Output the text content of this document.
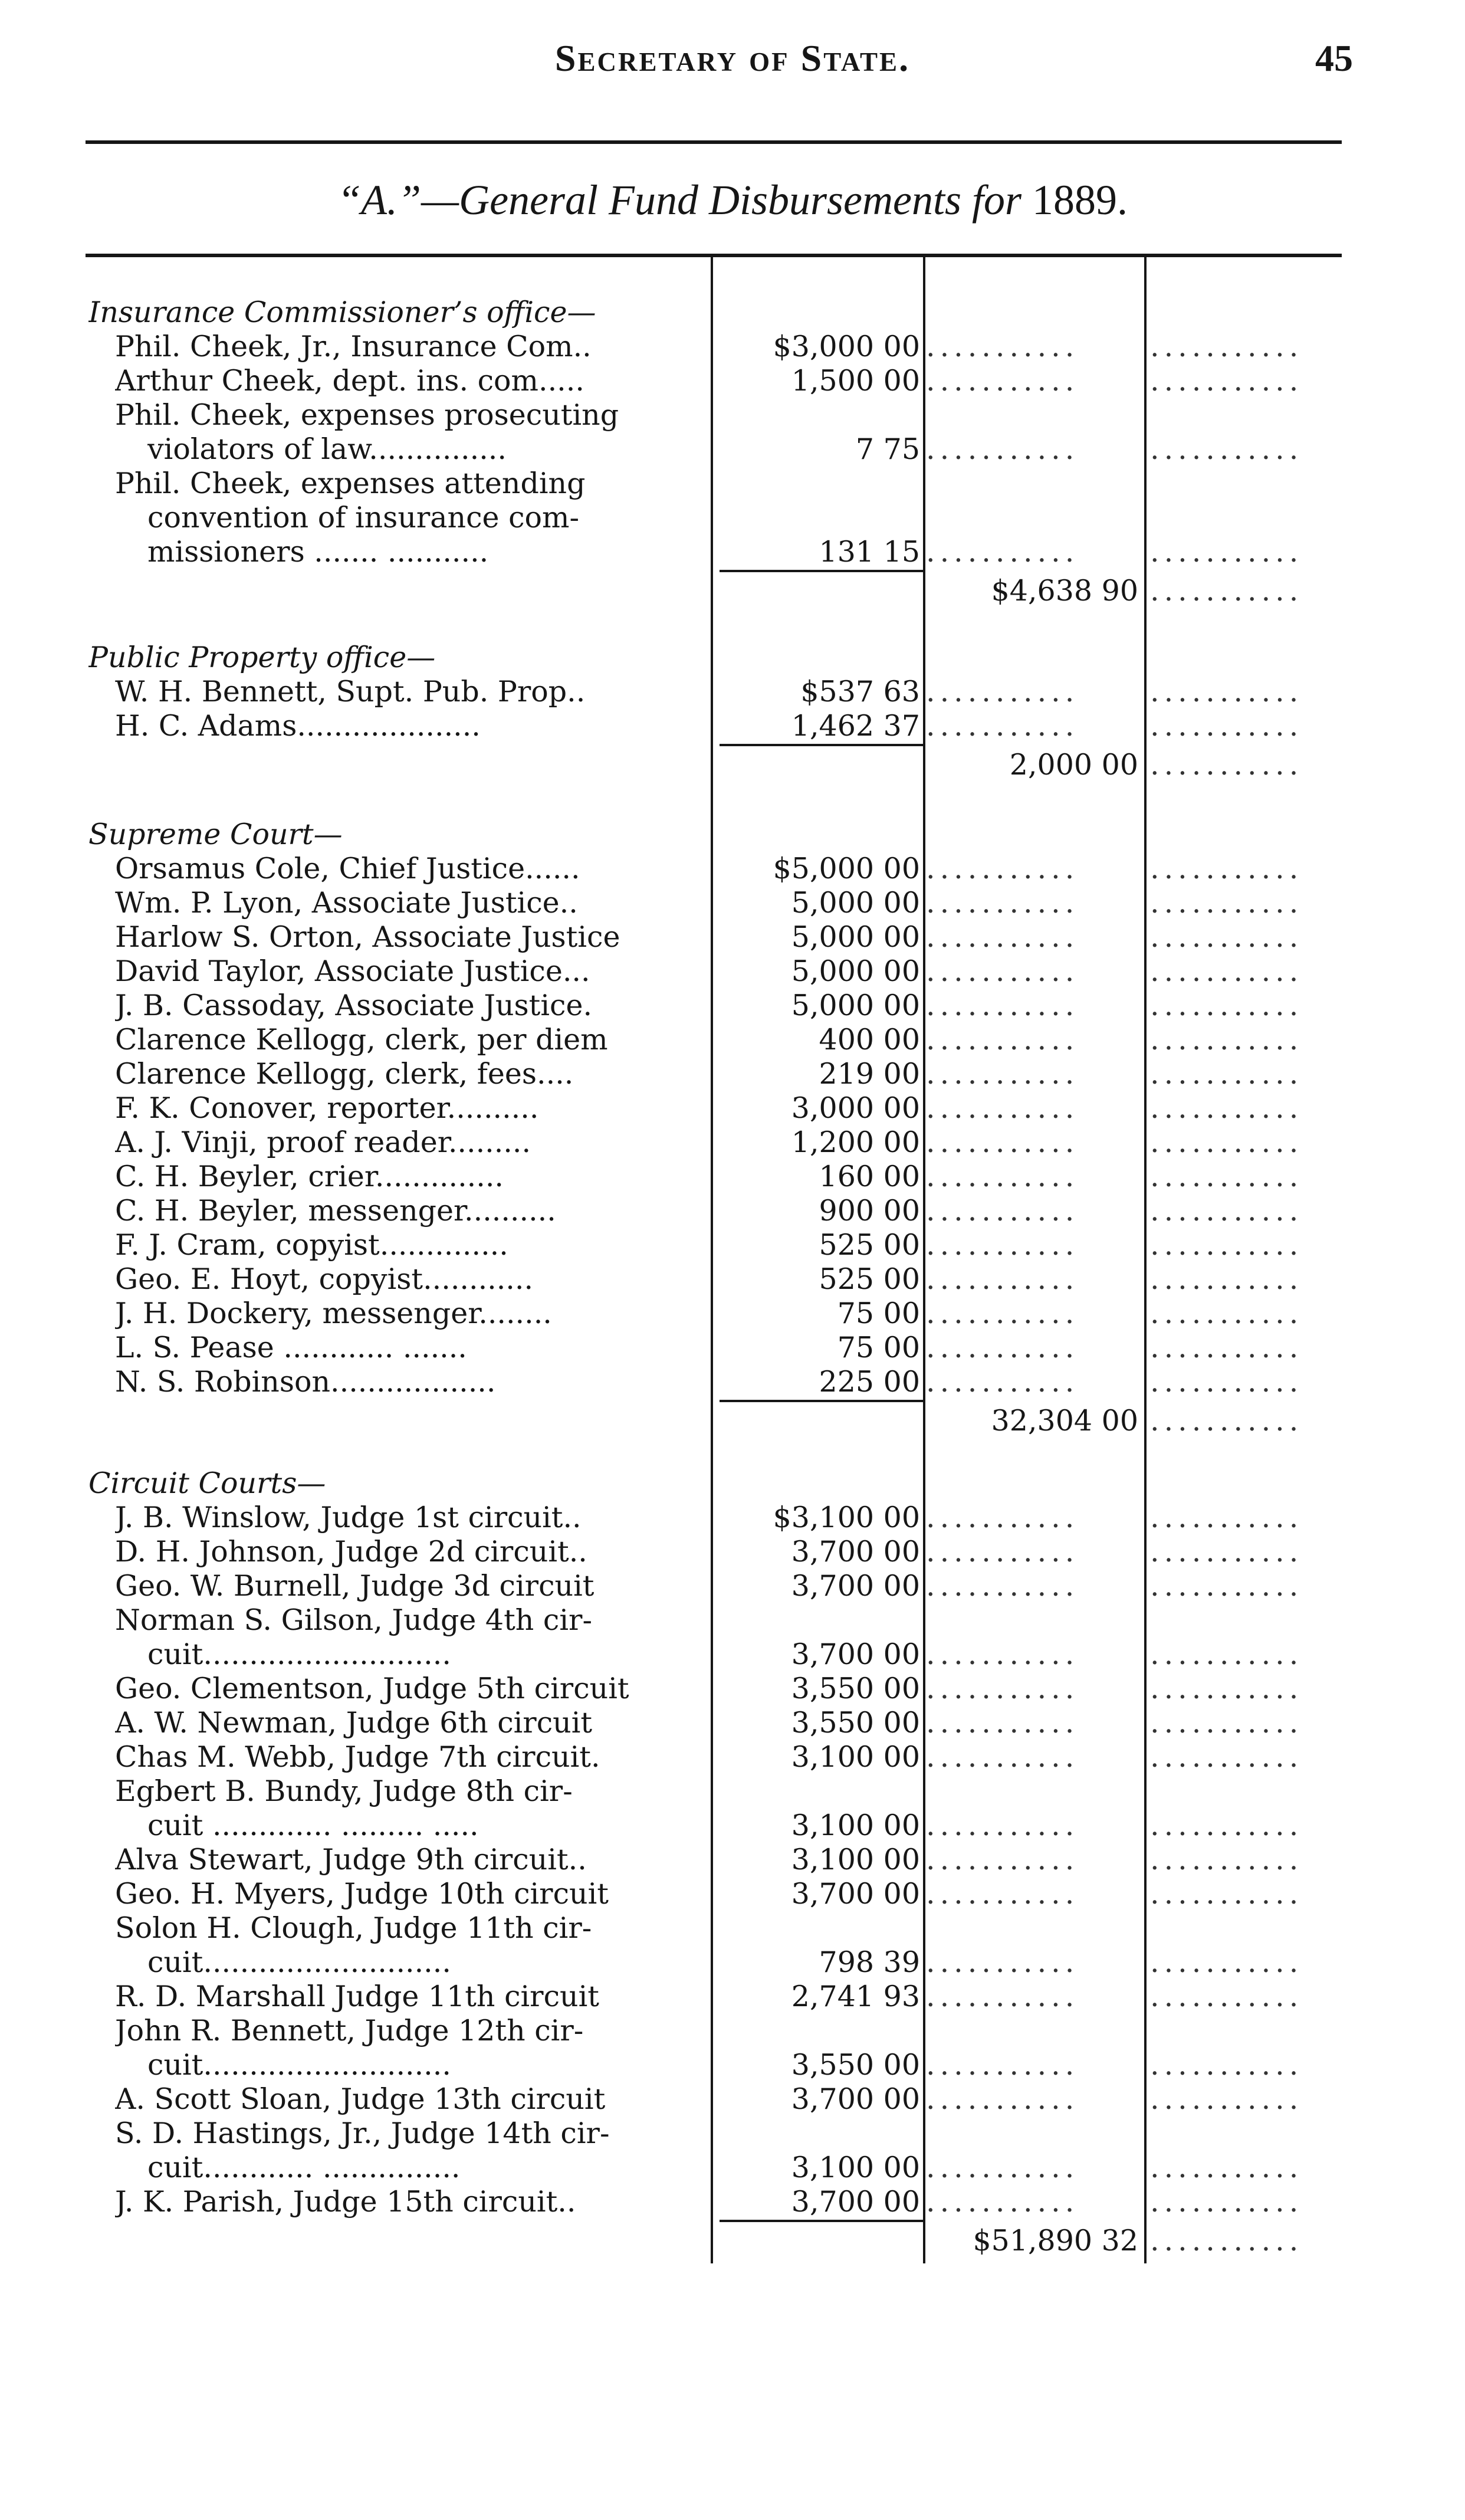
Secretary of State.	45
“A.”—General Fund Disbursements for 1889.
Insurance Commissioner’s office—
Phil. Cheek, Jr., Insurance Com..	$3,000 00 ...........	...........
Arthur Cheek, dept. ins. com.....	1,500 00 ...........	...........
Phil. Cheek, expenses prosecuting
violators of law...............	7 75 ...........	...........
Phil. Cheek, expenses attending
convention of insurance com-
missioners ....... ...........	131 15 ...........	...........
$4,638 90 ...........
Public Property office—
W. H. Bennett, Supt. Pub. Prop..	$537 63 ...........	...........
H. C. Adams....................	1,462 37 ...........	...........
2,000 00 ...........
Supreme Court—
Orsamus Cole, Chief Justice......	$5,000 00 ...........	...........
Wm. P. Lyon, Associate Justice..	5,000 00 ...........	...........
Harlow S. Orton, Associate Justice	5,000 00 ...........	...........
David Taylor, Associate Justice...	5,000 00 ...........	...........
J. B. Cassoday, Associate Justice.	5,000 00 ...........	...........
Clarence Kellogg, clerk, per diem	400 00 ...........	...........
Clarence Kellogg, clerk, fees....	219 00 ...........	...........
F. K. Conover, reporter..........	3,000 00 ...........	...........
A. J. Vinji, proof reader.........	1,200 00 ...........	...........
C. H. Beyler, crier..............	160 00 ...........	...........
C. H. Beyler, messenger..........	900 00 ...........	...........
F. J. Cram, copyist..............	525 00 ...........	...........
Geo. E. Hoyt, copyist............	525 00 ...........	...........
J. H. Dockery, messenger........	75 00 ...........	...........
L. S. Pease ............ .......	75 00 ...........	...........
N. S. Robinson..................	225 00 ...........	...........
32,304 00 ...........
Circuit Courts—
J. B. Winslow, Judge 1st circuit..	$3,100 00 ...........	...........
D. H. Johnson, Judge 2d circuit..	3,700 00 ...........	...........
Geo. W. Burnell, Judge 3d circuit	3,700 00 ...........	...........
Norman S. Gilson, Judge 4th cir-
cuit...........................	3,700 00 ...........	...........
Geo. Clementson, Judge 5th circuit	3,550 00 ...........	...........
A. W. Newman, Judge 6th circuit	3,550 00 ...........	...........
Chas M. Webb, Judge 7th circuit.	3,100 00 ...........	...........
Egbert B. Bundy, Judge 8th cir-
cuit ............. ......... .....	3,100 00 ...........	...........
Alva Stewart, Judge 9th circuit..	3,100 00 ...........	...........
Geo. H. Myers, Judge 10th circuit	3,700 00 ...........	...........
Solon H. Clough, Judge 11th cir-
cuit...........................	798 39 ...........	...........
R. D. Marshall Judge 11th circuit	2,741 93 ...........	...........
John R. Bennett, Judge 12th cir-
cuit...........................	3,550 00 ...........	...........
A. Scott Sloan, Judge 13th circuit	3,700 00 ...........	...........
S. D. Hastings, Jr., Judge 14th cir-
cuit............ ...............	3,100 00 ...........	...........
J. K. Parish, Judge 15th circuit..	3,700 00 ...........	...........
$51,890 32 ...........
